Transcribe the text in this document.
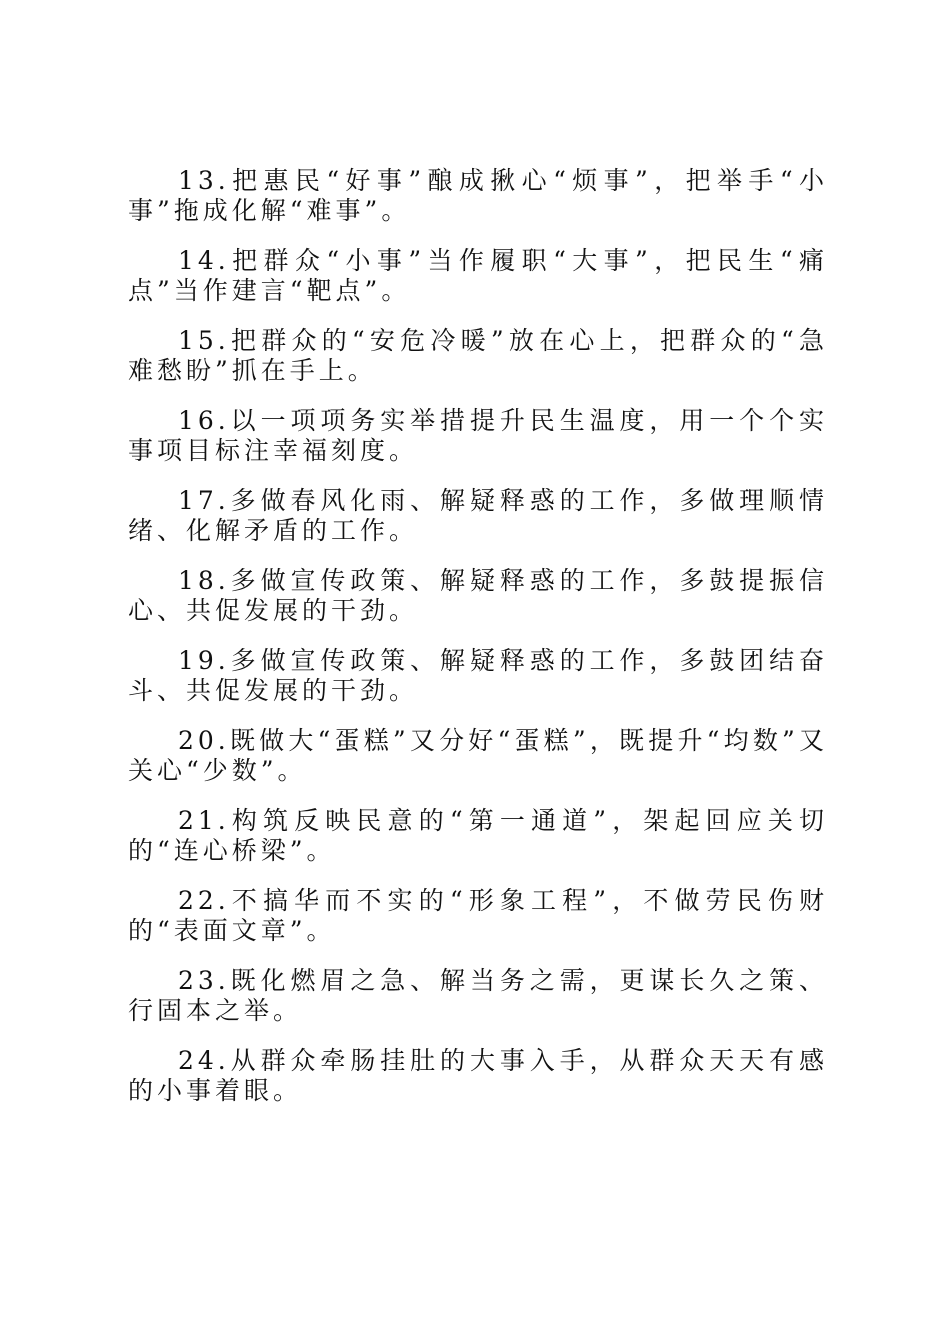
13.把惠民“好事”酿成揪心“烦事”，把举手“小事”拖成化解“难事”。

14.把群众“小事”当作履职“大事”，把民生“痛点”当作建言“靶点”。

15.把群众的“安危冷暖”放在心上，把群众的“急难愁盼”抓在手上。

16.以一项项务实举措提升民生温度，用一个个实事项目标注幸福刻度。

17.多做春风化雨、解疑释惑的工作，多做理顺情绪、化解矛盾的工作。

18.多做宣传政策、解疑释惑的工作，多鼓提振信心、共促发展的干劲。

19.多做宣传政策、解疑释惑的工作，多鼓团结奋斗、共促发展的干劲。

20.既做大“蛋糕”又分好“蛋糕”，既提升“均数”又关心“少数”。

21.构筑反映民意的“第一通道”，架起回应关切的“连心桥梁”。

22.不搞华而不实的“形象工程”，不做劳民伤财的“表面文章”。

23.既化燃眉之急、解当务之需，更谋长久之策、行固本之举。

24.从群众牵肠挂肚的大事入手，从群众天天有感的小事着眼。
